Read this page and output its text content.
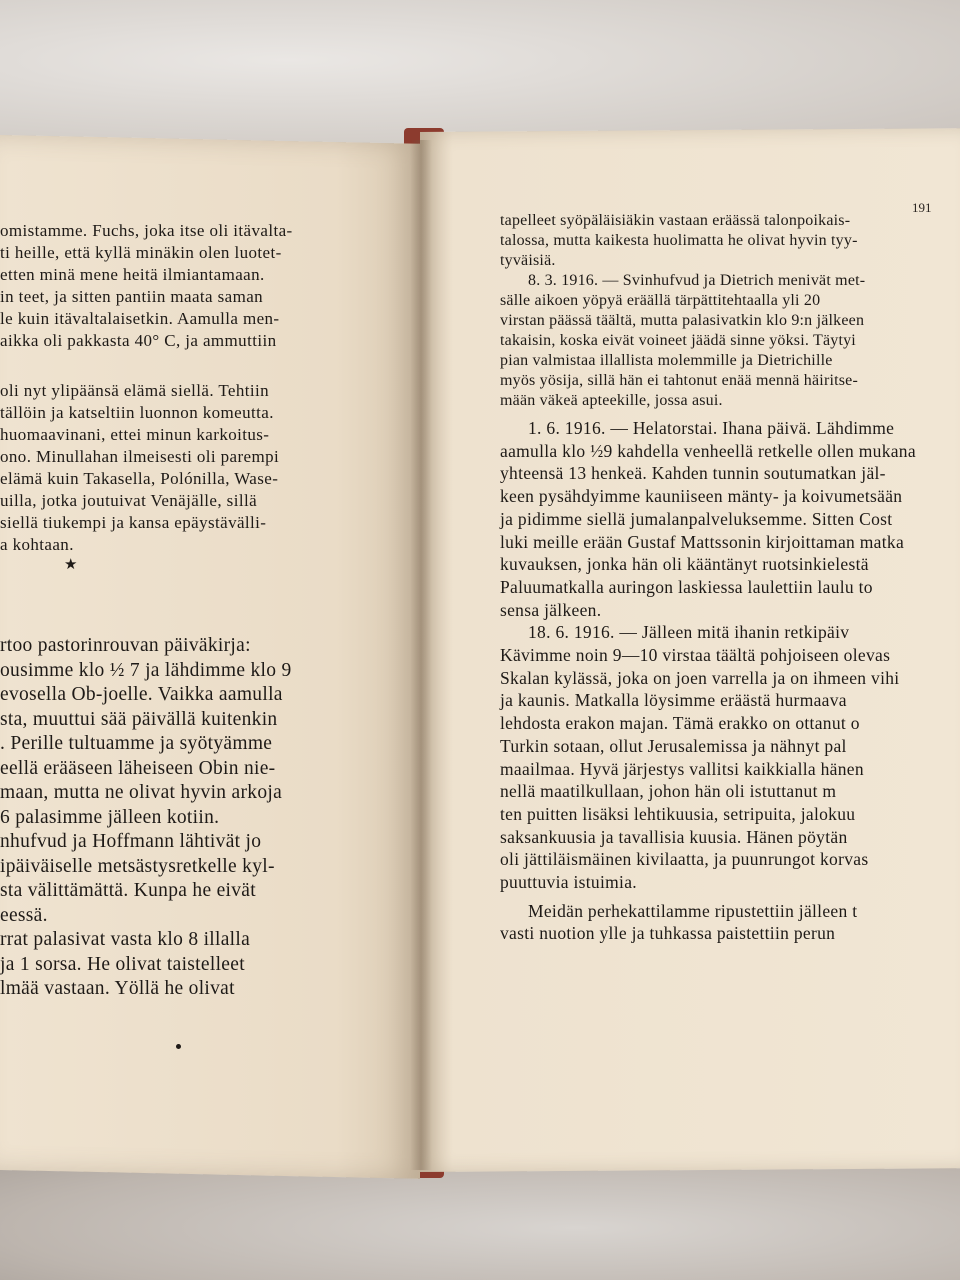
191
omistamme. Fuchs, joka itse oli itävalta-
ti heille, että kyllä minäkin olen luotet-
etten minä mene heitä ilmiantamaan.
in teet, ja sitten pantiin maata saman
le kuin itävaltalaisetkin. Aamulla men-
aikka oli pakkasta 40° C, ja ammuttiin
oli nyt ylipäänsä elämä siellä. Tehtiin
tällöin ja katseltiin luonnon komeutta.
huomaavinani, ettei minun karkoitus-
ono. Minullahan ilmeisesti oli parempi
elämä kuin Takasella, Polónilla, Wase-
uilla, jotka joutuivat Venäjälle, sillä
siellä tiukempi ja kansa epäystävälli-
a kohtaan.
rtoo pastorinrouvan päiväkirja:
ousimme klo ½ 7 ja lähdimme klo 9
evosella Ob-joelle. Vaikka aamulla
sta, muuttui sää päivällä kuitenkin
. Perille tultuamme ja syötyämme
eellä erääseen läheiseen Obin nie-
maan, mutta ne olivat hyvin arkoja
6 palasimme jälleen kotiin.
nhufvud ja Hoffmann lähtivät jo
ipäiväiselle metsästysretkelle kyl-
sta välittämättä. Kunpa he eivät
eessä.
rrat palasivat vasta klo 8 illalla
ja 1 sorsa. He olivat taistelleet
lmää vastaan. Yöllä he olivat
★
tapelleet syöpäläisiäkin vastaan eräässä talonpoikais-
talossa, mutta kaikesta huolimatta he olivat hyvin tyy-
tyväisiä.
8. 3. 1916. — Svinhufvud ja Dietrich menivät met-
sälle aikoen yöpyä eräällä tärpättitehtaalla yli 20
virstan päässä täältä, mutta palasivatkin klo 9:n jälkeen
takaisin, koska eivät voineet jäädä sinne yöksi. Täytyi
pian valmistaa illallista molemmille ja Dietrichille
myös yösija, sillä hän ei tahtonut enää mennä häiritse-
mään väkeä apteekille, jossa asui.
1. 6. 1916. — Helatorstai. Ihana päivä. Lähdimme
aamulla klo ½9 kahdella venheellä retkelle ollen mukana
yhteensä 13 henkeä. Kahden tunnin soutumatkan jäl-
keen pysähdyimme kauniiseen mänty- ja koivumetsään
ja pidimme siellä jumalanpalveluksemme. Sitten Cost
luki meille erään Gustaf Mattssonin kirjoittaman matka
kuvauksen, jonka hän oli kääntänyt ruotsinkielestä
Paluumatkalla auringon laskiessa laulettiin laulu to
sensa jälkeen.
18. 6. 1916. — Jälleen mitä ihanin retkipäiv
Kävimme noin 9—10 virstaa täältä pohjoiseen olevas
Skalan kylässä, joka on joen varrella ja on ihmeen vihi
ja kaunis. Matkalla löysimme eräästä hurmaava
lehdosta erakon majan. Tämä erakko on ottanut o
Turkin sotaan, ollut Jerusalemissa ja nähnyt pal
maailmaa. Hyvä järjestys vallitsi kaikkialla hänen
nellä maatilkullaan, johon hän oli istuttanut m
ten puitten lisäksi lehtikuusia, setripuita, jalokuu
saksankuusia ja tavallisia kuusia. Hänen pöytän
oli jättiläismäinen kivilaatta, ja puunrungot korvas
puuttuvia istuimia.
Meidän perhekattilamme ripustettiin jälleen t
vasti nuotion ylle ja tuhkassa paistettiin perun
